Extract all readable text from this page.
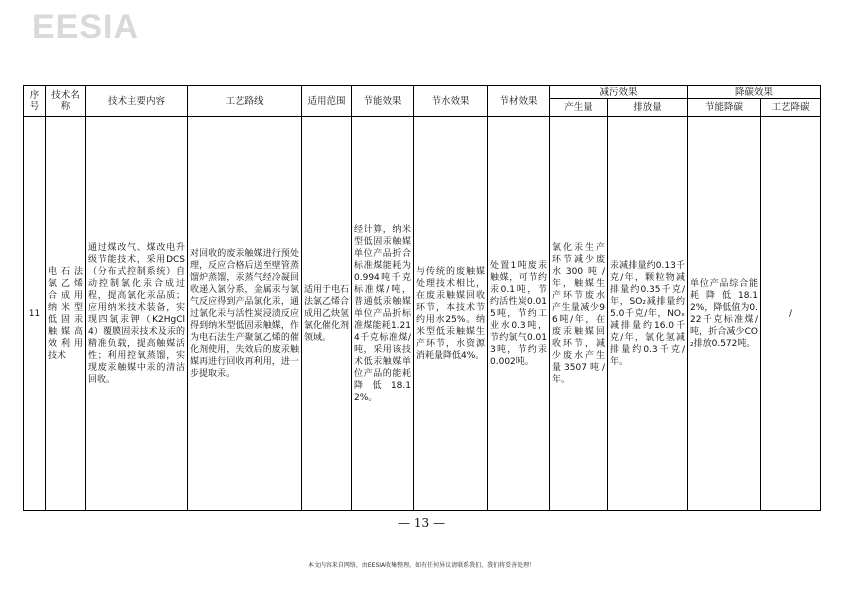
EESIA
序号	技术名称	技术主要内容	工艺路线	适用范围	节能效果	节水效果	节材效果	减污效果		降碳效果	
								产生量	排放量	节能降碳	工艺降碳
11	电石法氯乙烯合成用纳米型低固汞触媒高效利用技术	通过煤改气、煤改电升级节能技术，采用DCS（分布式控制系统）自动控制氯化汞合成过程，提高氯化汞品质；应用纳米技术装备，实现四氯汞钾（K2HgCl4）覆膜固汞技术及汞的精准负载，提高触媒活性；利用控氧蒸馏，实现废汞触媒中汞的清洁回收。	对回收的废汞触媒进行预处理，反应合格后送至壁管蒸馏炉蒸馏，汞蒸气经冷凝回收递入氯分系，金属汞与氯气反应得到产品氯化汞，通过氯化汞与活性炭浸渍反应得到纳米型低固汞触媒，作为电石法生产聚氯乙烯的催化剂使用，失效后的废汞触媒再进行回收再利用，进一步提取汞。	适用于电石法氯乙烯合成用乙炔氢氯化催化剂领域。	经计算，纳米型低固汞触媒单位产品折合标准煤能耗为0.994吨千克标准煤/吨，普通低汞触媒单位产品折标准煤能耗1.214千克标准煤/吨，采用该技术低汞触媒单位产品的能耗降低18.12%。	与传统的废触媒处理技术相比，在废汞触媒回收环节，本技术节约用水25%。纳米型低汞触媒生产环节，水资源消耗量降低4%。	处置1吨废汞触媒，可节约汞0.1吨，节约活性炭0.015吨，节约工业水0.3吨，节约氯气0.013吨，节约汞0.002吨。	氯化汞生产环节减少废水300吨/年，触媒生产环节废水产生量减少96吨/年，在废汞触媒回收环节，减少废水产生量3507吨/年。	汞减排量约0.13千克/年，颗粒物减排量约0.35千克/年，SO₂减排量约5.0千克/年，NOₓ减排量约16.0千克/年，氯化氢减排量约0.3千克/年。	单位产品综合能耗降低18.12%，降低值为0.22千克标准煤/吨，折合减少CO₂排放0.572吨。	/
— 13 —
本文内容来自网络，由EESIA收集整理。如有任何异议请联系我们，我们将妥善处理！
